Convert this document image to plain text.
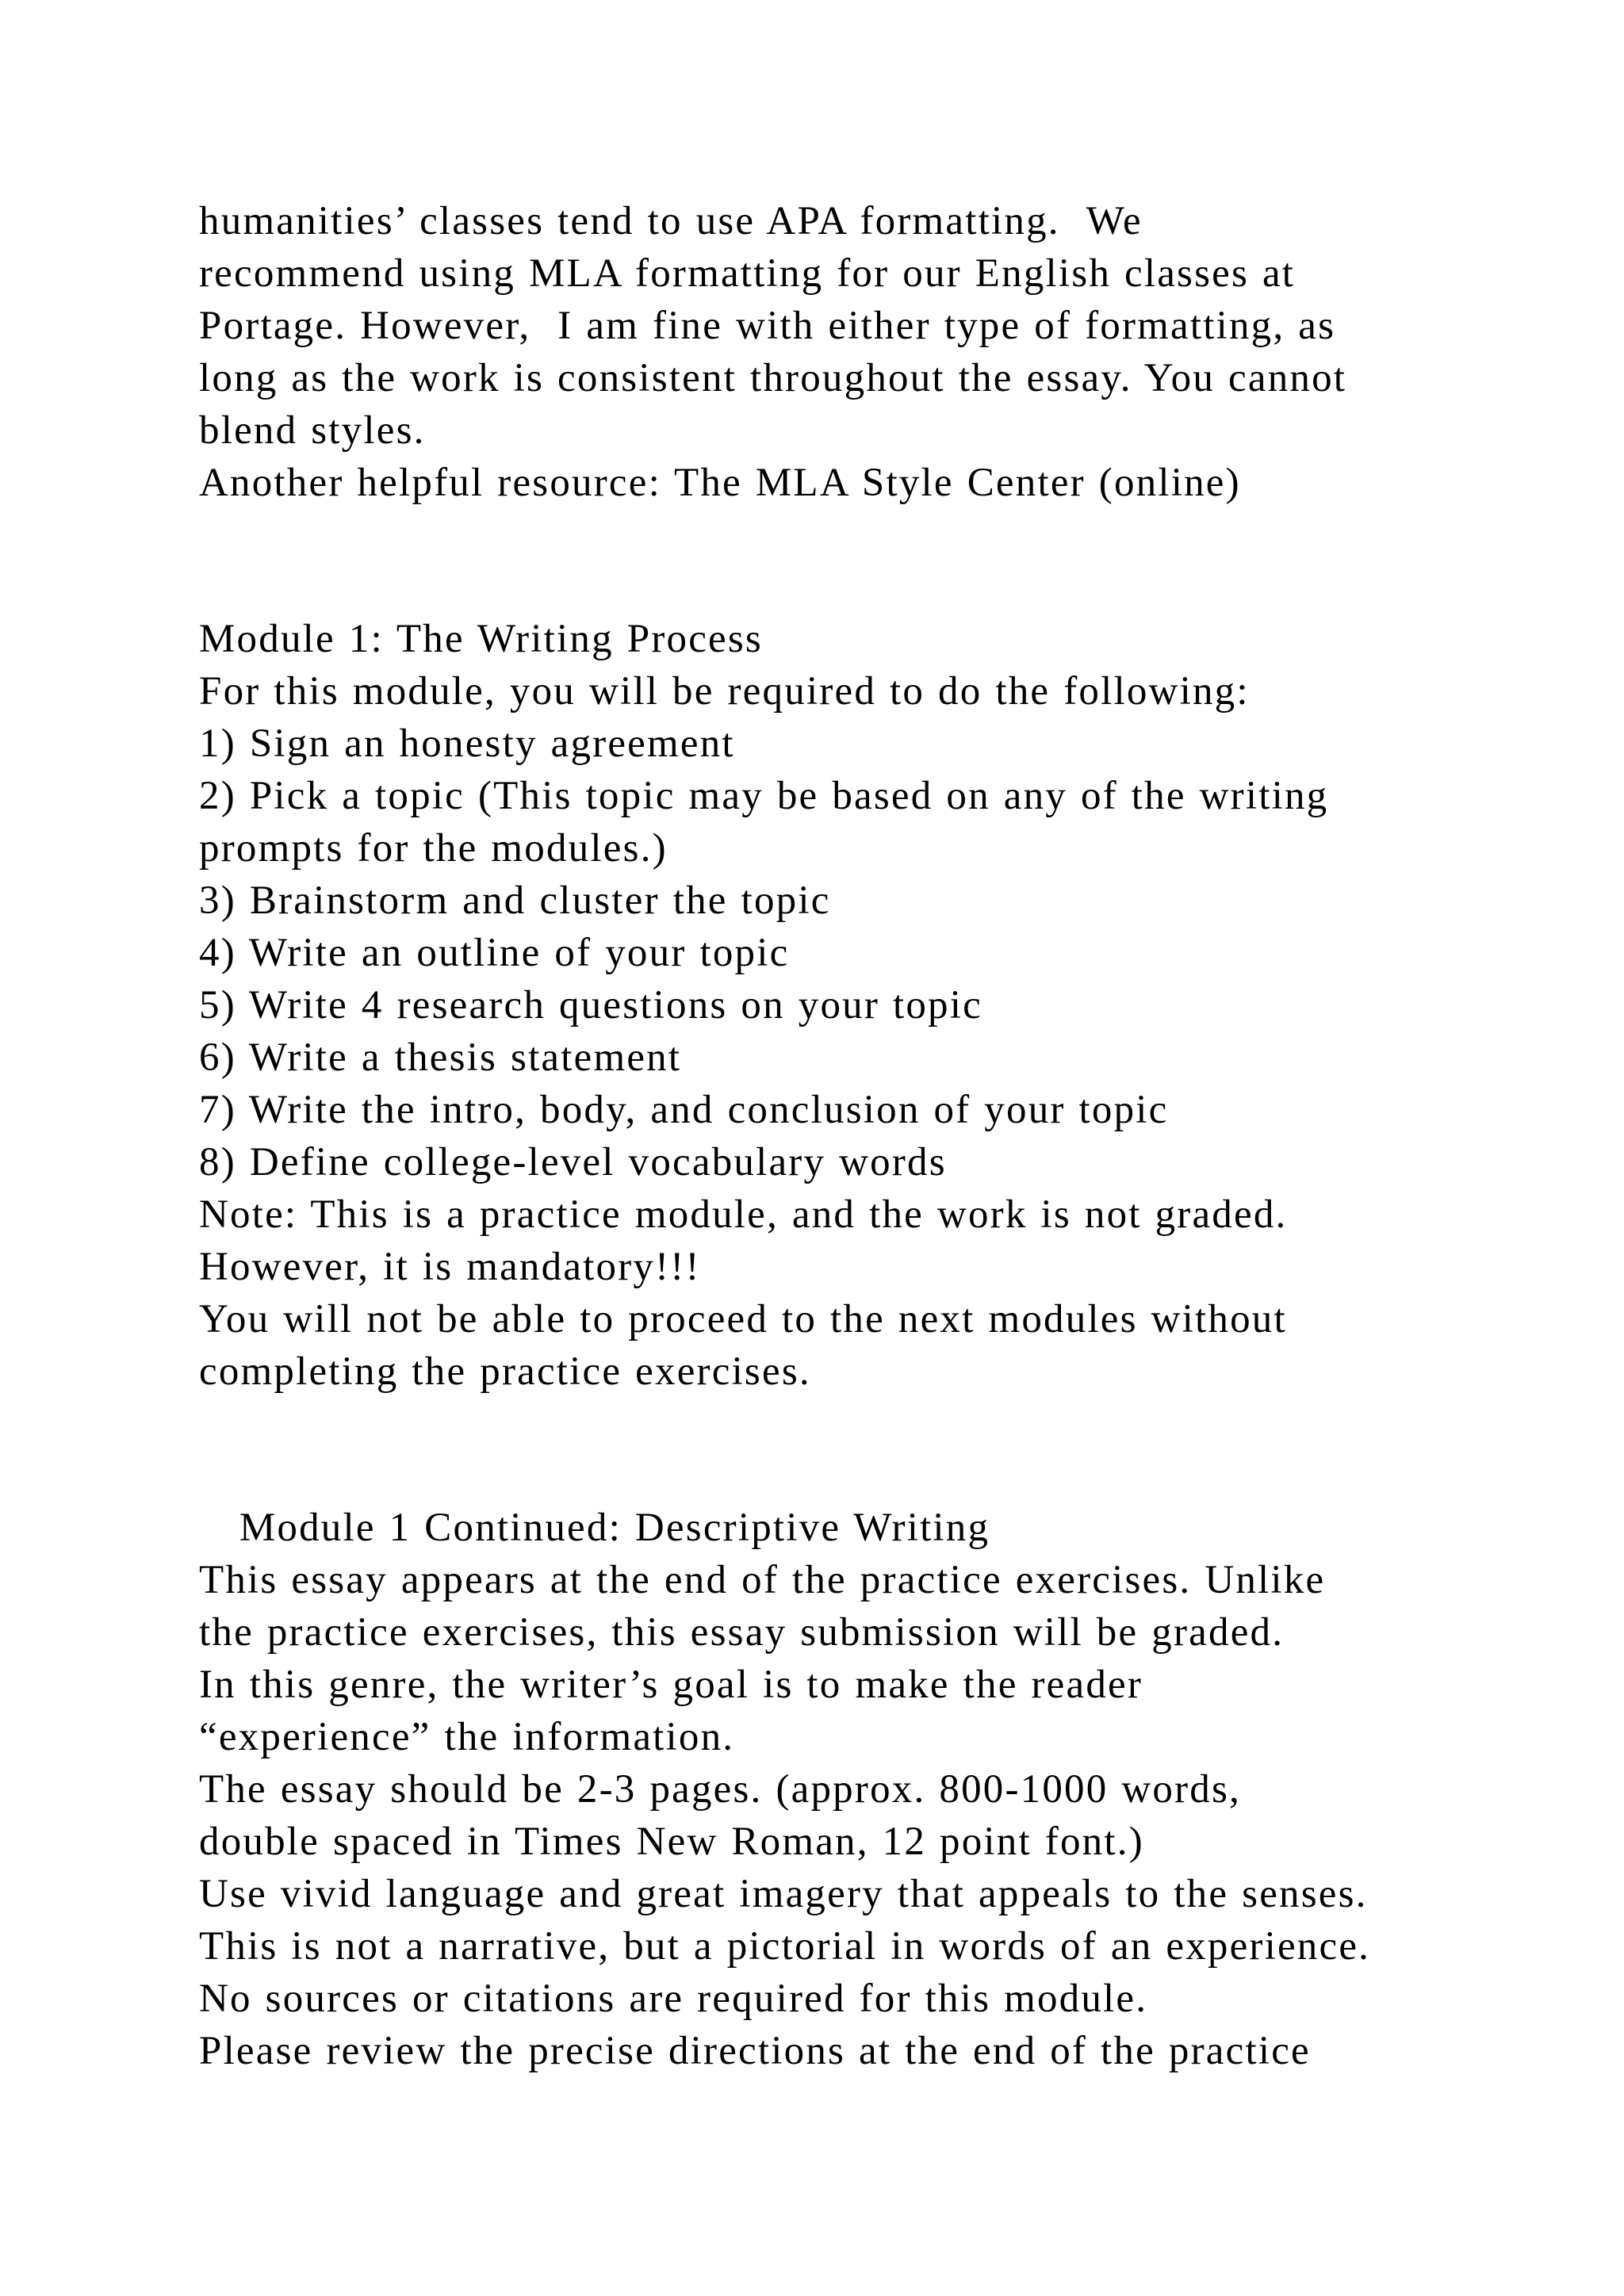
humanities’ classes tend to use APA formatting.  We
recommend using MLA formatting for our English classes at
Portage. However,  I am fine with either type of formatting, as
long as the work is consistent throughout the essay. You cannot
blend styles.
Another helpful resource: The MLA Style Center (online)
Module 1: The Writing Process
For this module, you will be required to do the following:
1) Sign an honesty agreement
2) Pick a topic (This topic may be based on any of the writing
prompts for the modules.)
3) Brainstorm and cluster the topic
4) Write an outline of your topic
5) Write 4 research questions on your topic
6) Write a thesis statement
7) Write the intro, body, and conclusion of your topic
8) Define college-level vocabulary words
Note: This is a practice module, and the work is not graded.
However, it is mandatory!!!
You will not be able to proceed to the next modules without
completing the practice exercises.
Module 1 Continued: Descriptive Writing
This essay appears at the end of the practice exercises. Unlike
the practice exercises, this essay submission will be graded.
In this genre, the writer’s goal is to make the reader
“experience” the information.
The essay should be 2-3 pages. (approx. 800-1000 words,
double spaced in Times New Roman, 12 point font.)
Use vivid language and great imagery that appeals to the senses.
This is not a narrative, but a pictorial in words of an experience.
No sources or citations are required for this module.
Please review the precise directions at the end of the practice
